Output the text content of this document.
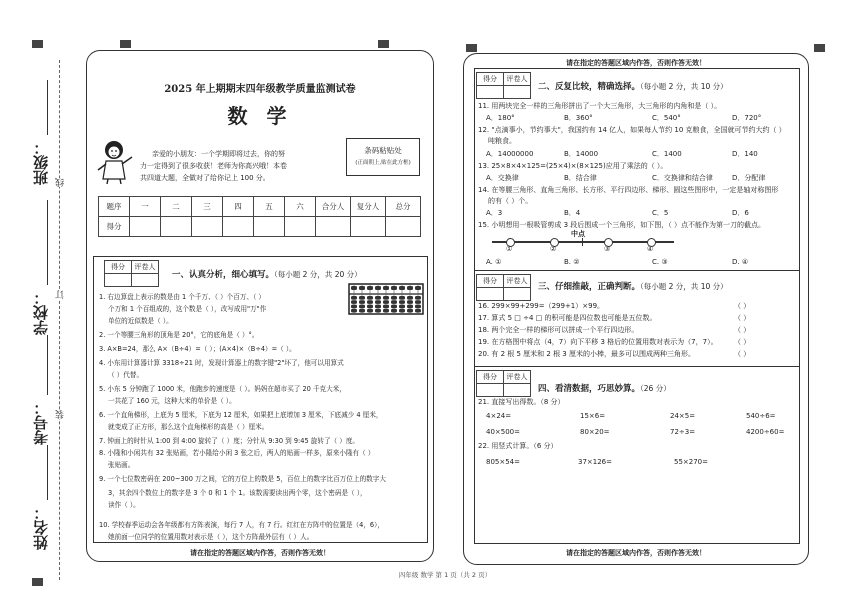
班级：
学校：
考号：
姓名：
线
订
装
2025 年上期期末四年级教学质量监测试卷
数 学
亲爱的小朋友：一个学期即将过去，你的努
力一定得到了很多收获！老师为你高兴哦！本卷
共四道大题，全做对了给你记上 100 分。
条码粘贴处
(正面朝上,贴在此方框)
题序	一	二	三	四	五	六	合分人	复分人	总分
得分									
得分	评卷人

一、认真分析，细心填写。（每小题 2 分，共 20 分）
1. 右边算盘上表示的数是由 1 个千万、（ ）个百万、（ ）
个万和 1 个百组成的，这个数是（ ），改写成用"万"作
单位的近似数是（ ）。
2. 一个等腰三角形的顶角是 20°，它的底角是（ ）°。
3. A×B=24，那么 A×（B÷4）=（ ）；(A×4)×（B÷4）=（ ）。
4. 小东用计算器计算 3318÷21 时，发现计算器上的数字键"2"坏了，他可以用算式
（ ）代替。
5. 小东 5 分钟跑了 1000 米，他跑步的速度是（ ）。妈妈在超市买了 20 千克大米，
一共花了 160 元，这种大米的单价是（ ）。
6. 一个直角梯形，上底为 5 厘米，下底为 12 厘米，如果把上底增加 3 厘米，下底减少 4 厘米，
就变成了正方形，那么这个直角梯形的高是（ ）厘米。
7. 钟面上的时针从 1:00 到 4:00 旋转了（ ）度；分针从 9:30 到 9:45 旋转了（ ）度。
8. 小隆和小闲共有 32 张贴画，若小隆给小闲 3 张之后，两人的贴画一样多，原来小隆有（ ）
张贴画。
9. 一个七位数密码在 200~300 万之间，它的万位上的数是 5，百位上的数字比百万位上的数字大
3，其余四个数位上的数字是 3 个 0 和 1 个 1。该数需要读出两个零，这个密码是（ ），
读作（ ）。
10. 学校春季运动会各年级都有方阵表演，每行 7 人，有 7 行。红红在方阵中的位置是（4，6），
她前面一位同学的位置用数对表示是（ ），这个方阵最外层有（ ）人。
请在指定的答题区域内作答，否则作答无效！
请在指定的答题区域内作答，否则作答无效！
得分	评卷人

二、反复比较，精确选择。（每小题 2 分，共 10 分）
11. 用两块完全一样的三角形拼出了一个大三角形，大三角形的内角和是（ ）。
A．180°	B．360°	C．540°	D．720°
12. "点滴事小，节约事大"，我国约有 14 亿人，如果每人节约 10 克粮食，全国就可节约大约（ ）
吨粮食。
A．14000000	B．14000	C．1400	D．140
13. 25×8×4×125=(25×4)×(8×125)应用了乘法的（ ）。
A．交换律	B．结合律	C．交换律和结合律	D．分配律
14. 在等腰三角形、直角三角形、长方形、平行四边形、梯形、圆这些图形中，一定是轴对称图形
的有（ ）个。
A．3	B．4	C．5	D．6
15. 小明想用一根吸管剪成 3 段后围成一个三角形，如下图，（ ）点不能作为第一刀的截点。
中点
①	②	③	④
A. ①	B. ②	C. ③	D. ④
得分	评卷人

三、仔细推敲，正确判断。（每小题 2 分，共 10 分）
16. 299×99+299=（299+1）×99。	（ ）
17. 算式 5 □ ÷4 □ 的积可能是四位数也可能是五位数。	（ ）
18. 两个完全一样的梯形可以拼成一个平行四边形。	（ ）
19. 在方格图中将点（4，7）向下平移 3 格后的位置用数对表示为（7，7）。 （ ）
20. 有 2 根 5 厘米和 2 根 3 厘米的小棒，最多可以围成两种三角形。	（ ）
得分	评卷人

四、看清数据，巧思妙算。（26 分）
21. 直接写出得数。（8 分）
4×24=	15×6=	24×5=	540÷6=
40×500=	80×20=	72÷3=	4200÷60=
22. 用竖式计算。（6 分）
805×54=	37×126=	55×270=
请在指定的答题区域内作答，否则作答无效！
四年级 数学 第 1 页（共 2 页）
